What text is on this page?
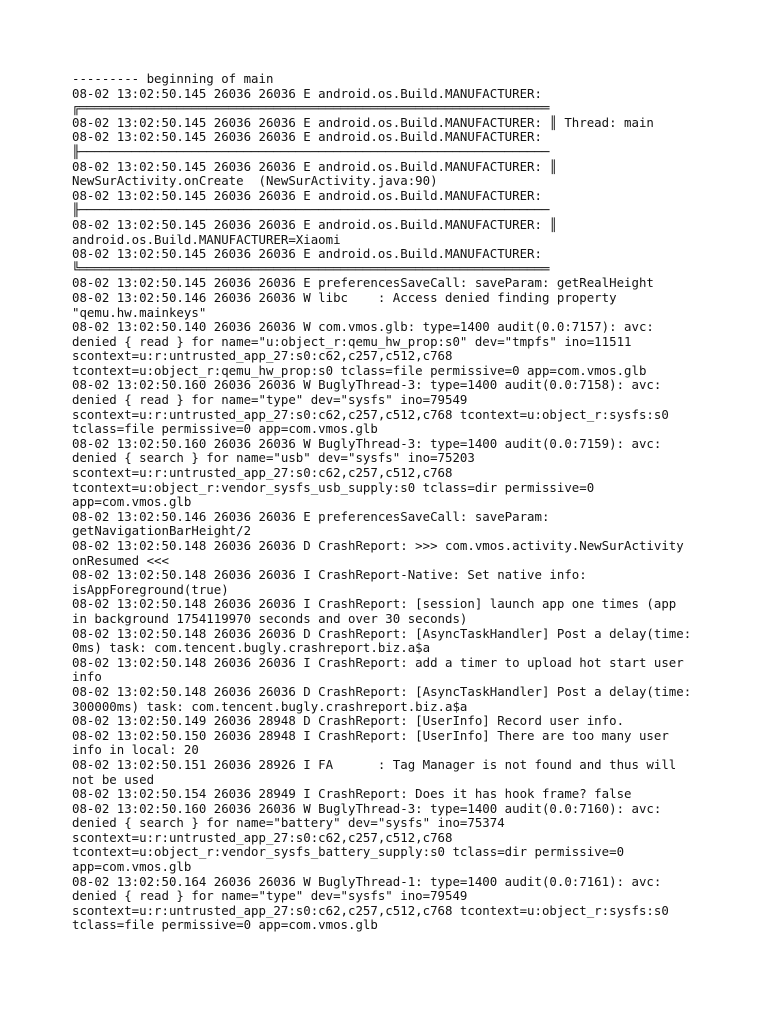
--------- beginning of main
08-02 13:02:50.145 26036 26036 E android.os.Build.MANUFACTURER:
╔═══════════════════════════════════════════════════════════════
08-02 13:02:50.145 26036 26036 E android.os.Build.MANUFACTURER: ║ Thread: main
08-02 13:02:50.145 26036 26036 E android.os.Build.MANUFACTURER:
╟───────────────────────────────────────────────────────────────
08-02 13:02:50.145 26036 26036 E android.os.Build.MANUFACTURER: ║
NewSurActivity.onCreate  (NewSurActivity.java:90)
08-02 13:02:50.145 26036 26036 E android.os.Build.MANUFACTURER:
╟───────────────────────────────────────────────────────────────
08-02 13:02:50.145 26036 26036 E android.os.Build.MANUFACTURER: ║
android.os.Build.MANUFACTURER=Xiaomi
08-02 13:02:50.145 26036 26036 E android.os.Build.MANUFACTURER:
╚═══════════════════════════════════════════════════════════════
08-02 13:02:50.145 26036 26036 E preferencesSaveCall: saveParam: getRealHeight
08-02 13:02:50.146 26036 26036 W libc    : Access denied finding property
"qemu.hw.mainkeys"
08-02 13:02:50.140 26036 26036 W com.vmos.glb: type=1400 audit(0.0:7157): avc:
denied { read } for name="u:object_r:qemu_hw_prop:s0" dev="tmpfs" ino=11511
scontext=u:r:untrusted_app_27:s0:c62,c257,c512,c768
tcontext=u:object_r:qemu_hw_prop:s0 tclass=file permissive=0 app=com.vmos.glb
08-02 13:02:50.160 26036 26036 W BuglyThread-3: type=1400 audit(0.0:7158): avc:
denied { read } for name="type" dev="sysfs" ino=79549
scontext=u:r:untrusted_app_27:s0:c62,c257,c512,c768 tcontext=u:object_r:sysfs:s0
tclass=file permissive=0 app=com.vmos.glb
08-02 13:02:50.160 26036 26036 W BuglyThread-3: type=1400 audit(0.0:7159): avc:
denied { search } for name="usb" dev="sysfs" ino=75203
scontext=u:r:untrusted_app_27:s0:c62,c257,c512,c768
tcontext=u:object_r:vendor_sysfs_usb_supply:s0 tclass=dir permissive=0
app=com.vmos.glb
08-02 13:02:50.146 26036 26036 E preferencesSaveCall: saveParam:
getNavigationBarHeight/2
08-02 13:02:50.148 26036 26036 D CrashReport: >>> com.vmos.activity.NewSurActivity
onResumed <<<
08-02 13:02:50.148 26036 26036 I CrashReport-Native: Set native info:
isAppForeground(true)
08-02 13:02:50.148 26036 26036 I CrashReport: [session] launch app one times (app
in background 1754119970 seconds and over 30 seconds)
08-02 13:02:50.148 26036 26036 D CrashReport: [AsyncTaskHandler] Post a delay(time:
0ms) task: com.tencent.bugly.crashreport.biz.a$a
08-02 13:02:50.148 26036 26036 I CrashReport: add a timer to upload hot start user
info
08-02 13:02:50.148 26036 26036 D CrashReport: [AsyncTaskHandler] Post a delay(time:
300000ms) task: com.tencent.bugly.crashreport.biz.a$a
08-02 13:02:50.149 26036 28948 D CrashReport: [UserInfo] Record user info.
08-02 13:02:50.150 26036 28948 I CrashReport: [UserInfo] There are too many user
info in local: 20
08-02 13:02:50.151 26036 28926 I FA      : Tag Manager is not found and thus will
not be used
08-02 13:02:50.154 26036 28949 I CrashReport: Does it has hook frame? false
08-02 13:02:50.160 26036 26036 W BuglyThread-3: type=1400 audit(0.0:7160): avc:
denied { search } for name="battery" dev="sysfs" ino=75374
scontext=u:r:untrusted_app_27:s0:c62,c257,c512,c768
tcontext=u:object_r:vendor_sysfs_battery_supply:s0 tclass=dir permissive=0
app=com.vmos.glb
08-02 13:02:50.164 26036 26036 W BuglyThread-1: type=1400 audit(0.0:7161): avc:
denied { read } for name="type" dev="sysfs" ino=79549
scontext=u:r:untrusted_app_27:s0:c62,c257,c512,c768 tcontext=u:object_r:sysfs:s0
tclass=file permissive=0 app=com.vmos.glb
